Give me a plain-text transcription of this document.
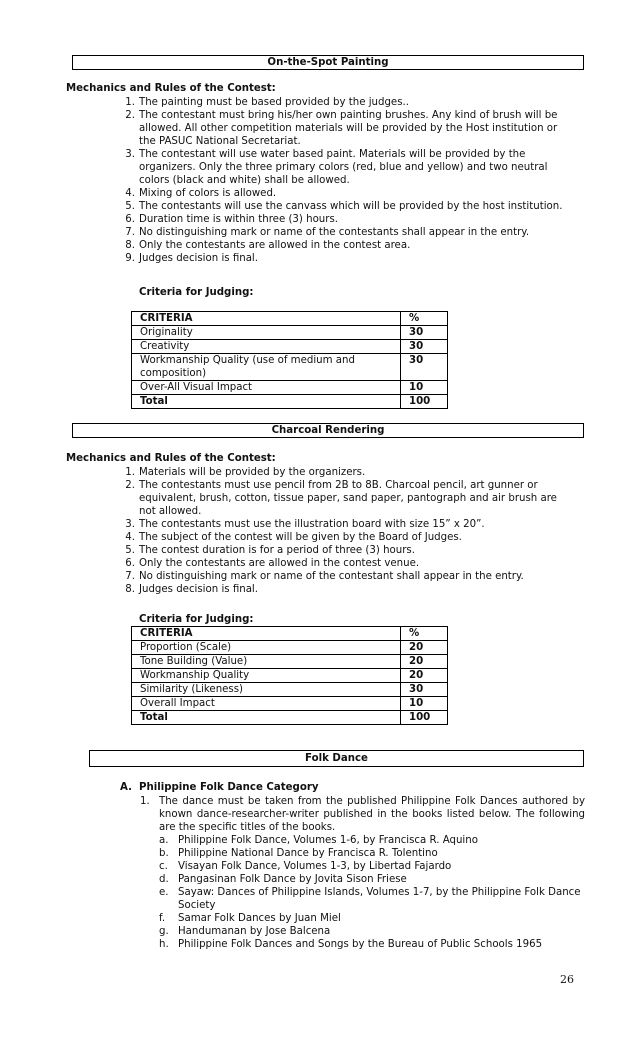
On-the-Spot Painting
Mechanics and Rules of the Contest:
1. The painting must be based provided by the judges..
2. The contestant must bring his/her own painting brushes. Any kind of brush will be allowed. All other competition materials will be provided by the Host institution or the PASUC National Secretariat.
3. The contestant will use water based paint. Materials will be provided by the organizers. Only the three primary colors (red, blue and yellow) and two neutral colors (black and white) shall be allowed.
4. Mixing of colors is allowed.
5. The contestants will use the canvass which will be provided by the host institution.
6. Duration time is within three (3) hours.
7. No distinguishing mark or name of the contestants shall appear in the entry.
8. Only the contestants are allowed in the contest area.
9. Judges decision is final.
Criteria for Judging:
CRITERIA	%
Originality	30
Creativity	30
Workmanship Quality (use of medium and composition)	30
Over-All Visual Impact	10
Total	100
Charcoal Rendering
Mechanics and Rules of the Contest:
1. Materials will be provided by the organizers.
2. The contestants must use pencil from 2B to 8B. Charcoal pencil, art gunner or equivalent, brush, cotton, tissue paper, sand paper, pantograph and air brush are not allowed.
3. The contestants must use the illustration board with size 15” x 20”.
4. The subject of the contest will be given by the Board of Judges.
5. The contest duration is for a period of three (3) hours.
6. Only the contestants are allowed in the contest venue.
7. No distinguishing mark or name of the contestant shall appear in the entry.
8. Judges decision is final.
Criteria for Judging:
CRITERIA	%
Proportion (Scale)	20
Tone Building (Value)	20
Workmanship Quality	20
Similarity (Likeness)	30
Overall Impact	10
Total	100
Folk Dance
A. Philippine Folk Dance Category
1. The dance must be taken from the published Philippine Folk Dances authored by known dance-researcher-writer published in the books listed below. The following are the specific titles of the books.
a. Philippine Folk Dance, Volumes 1-6, by Francisca R. Aquino
b. Philippine National Dance by Francisca R. Tolentino
c. Visayan Folk Dance, Volumes 1-3, by Libertad Fajardo
d. Pangasinan Folk Dance by Jovita Sison Friese
e. Sayaw: Dances of Philippine Islands, Volumes 1-7, by the Philippine Folk Dance Society
f. Samar Folk Dances by Juan Miel
g. Handumanan by Jose Balcena
h. Philippine Folk Dances and Songs by the Bureau of Public Schools 1965
26
